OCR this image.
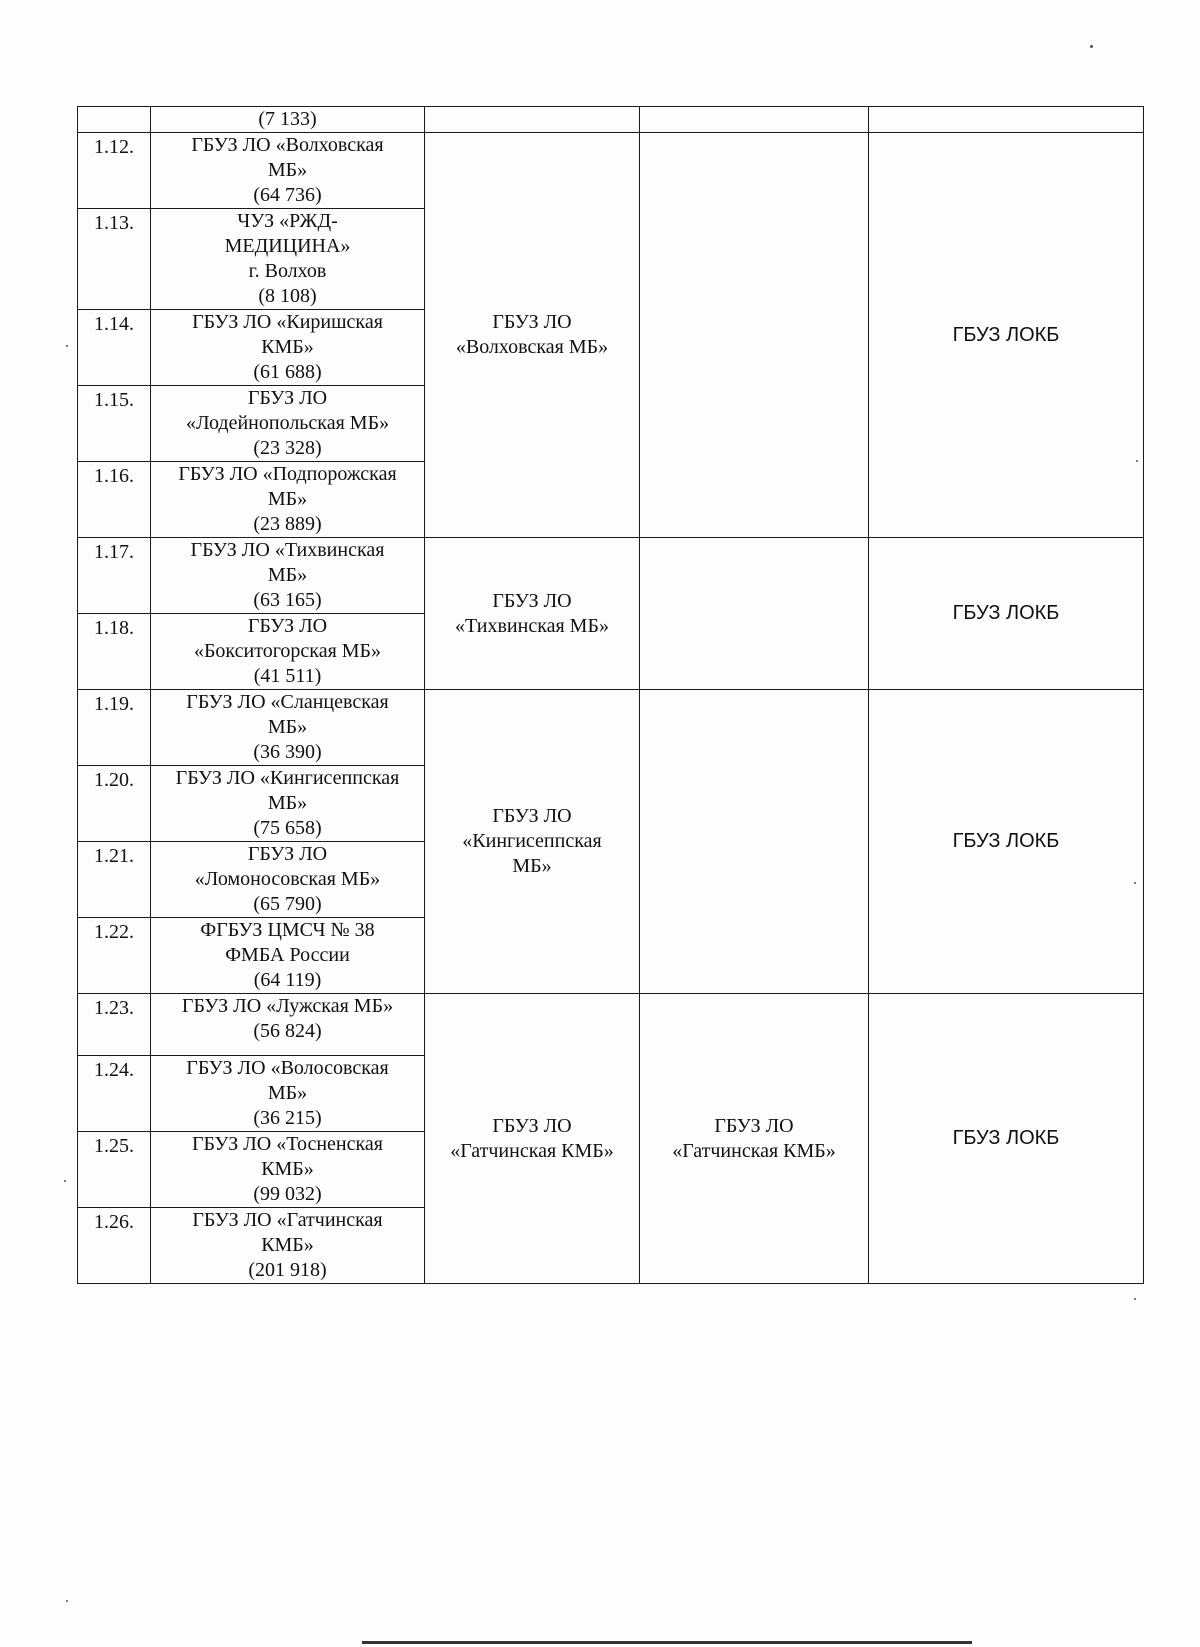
	(7 133)			

1.12.	ГБУЗ ЛО «Волховская
МБ»
(64 736)	ГБУЗ ЛО
«Волховская МБ»		ГБУЗ ЛОКБ
1.13.	ЧУЗ «РЖД-
МЕДИЦИНА»
г. Волхов
(8 108)			

1.14.	ГБУЗ ЛО «Киришская
КМБ»
(61 688)			

1.15.	ГБУЗ ЛО
«Лодейнопольская МБ»
(23 328)			

1.16.	ГБУЗ ЛО «Подпорожская
МБ»
(23 889)			

1.17.	ГБУЗ ЛО «Тихвинская
МБ»
(63 165)	ГБУЗ ЛО
«Тихвинская МБ»		ГБУЗ ЛОКБ
1.18.	ГБУЗ ЛО
«Бокситогорская МБ»
(41 511)			

1.19.	ГБУЗ ЛО «Сланцевская
МБ»
(36 390)	ГБУЗ ЛО
«Кингисеппская
МБ»		ГБУЗ ЛОКБ
1.20.	ГБУЗ ЛО «Кингисеппская
МБ»
(75 658)			

1.21.	ГБУЗ ЛО
«Ломоносовская МБ»
(65 790)			

1.22.	ФГБУЗ ЦМСЧ № 38
ФМБА России
(64 119)			

1.23.	ГБУЗ ЛО «Лужская МБ»
(56 824)	ГБУЗ ЛО
«Гатчинская КМБ»	ГБУЗ ЛО
«Гатчинская КМБ»	ГБУЗ ЛОКБ
1.24.	ГБУЗ ЛО «Волосовская
МБ»
(36 215)			

1.25.	ГБУЗ ЛО «Тосненская
КМБ»
(99 032)			

1.26.	ГБУЗ ЛО «Гатчинская
КМБ»
(201 918)			
